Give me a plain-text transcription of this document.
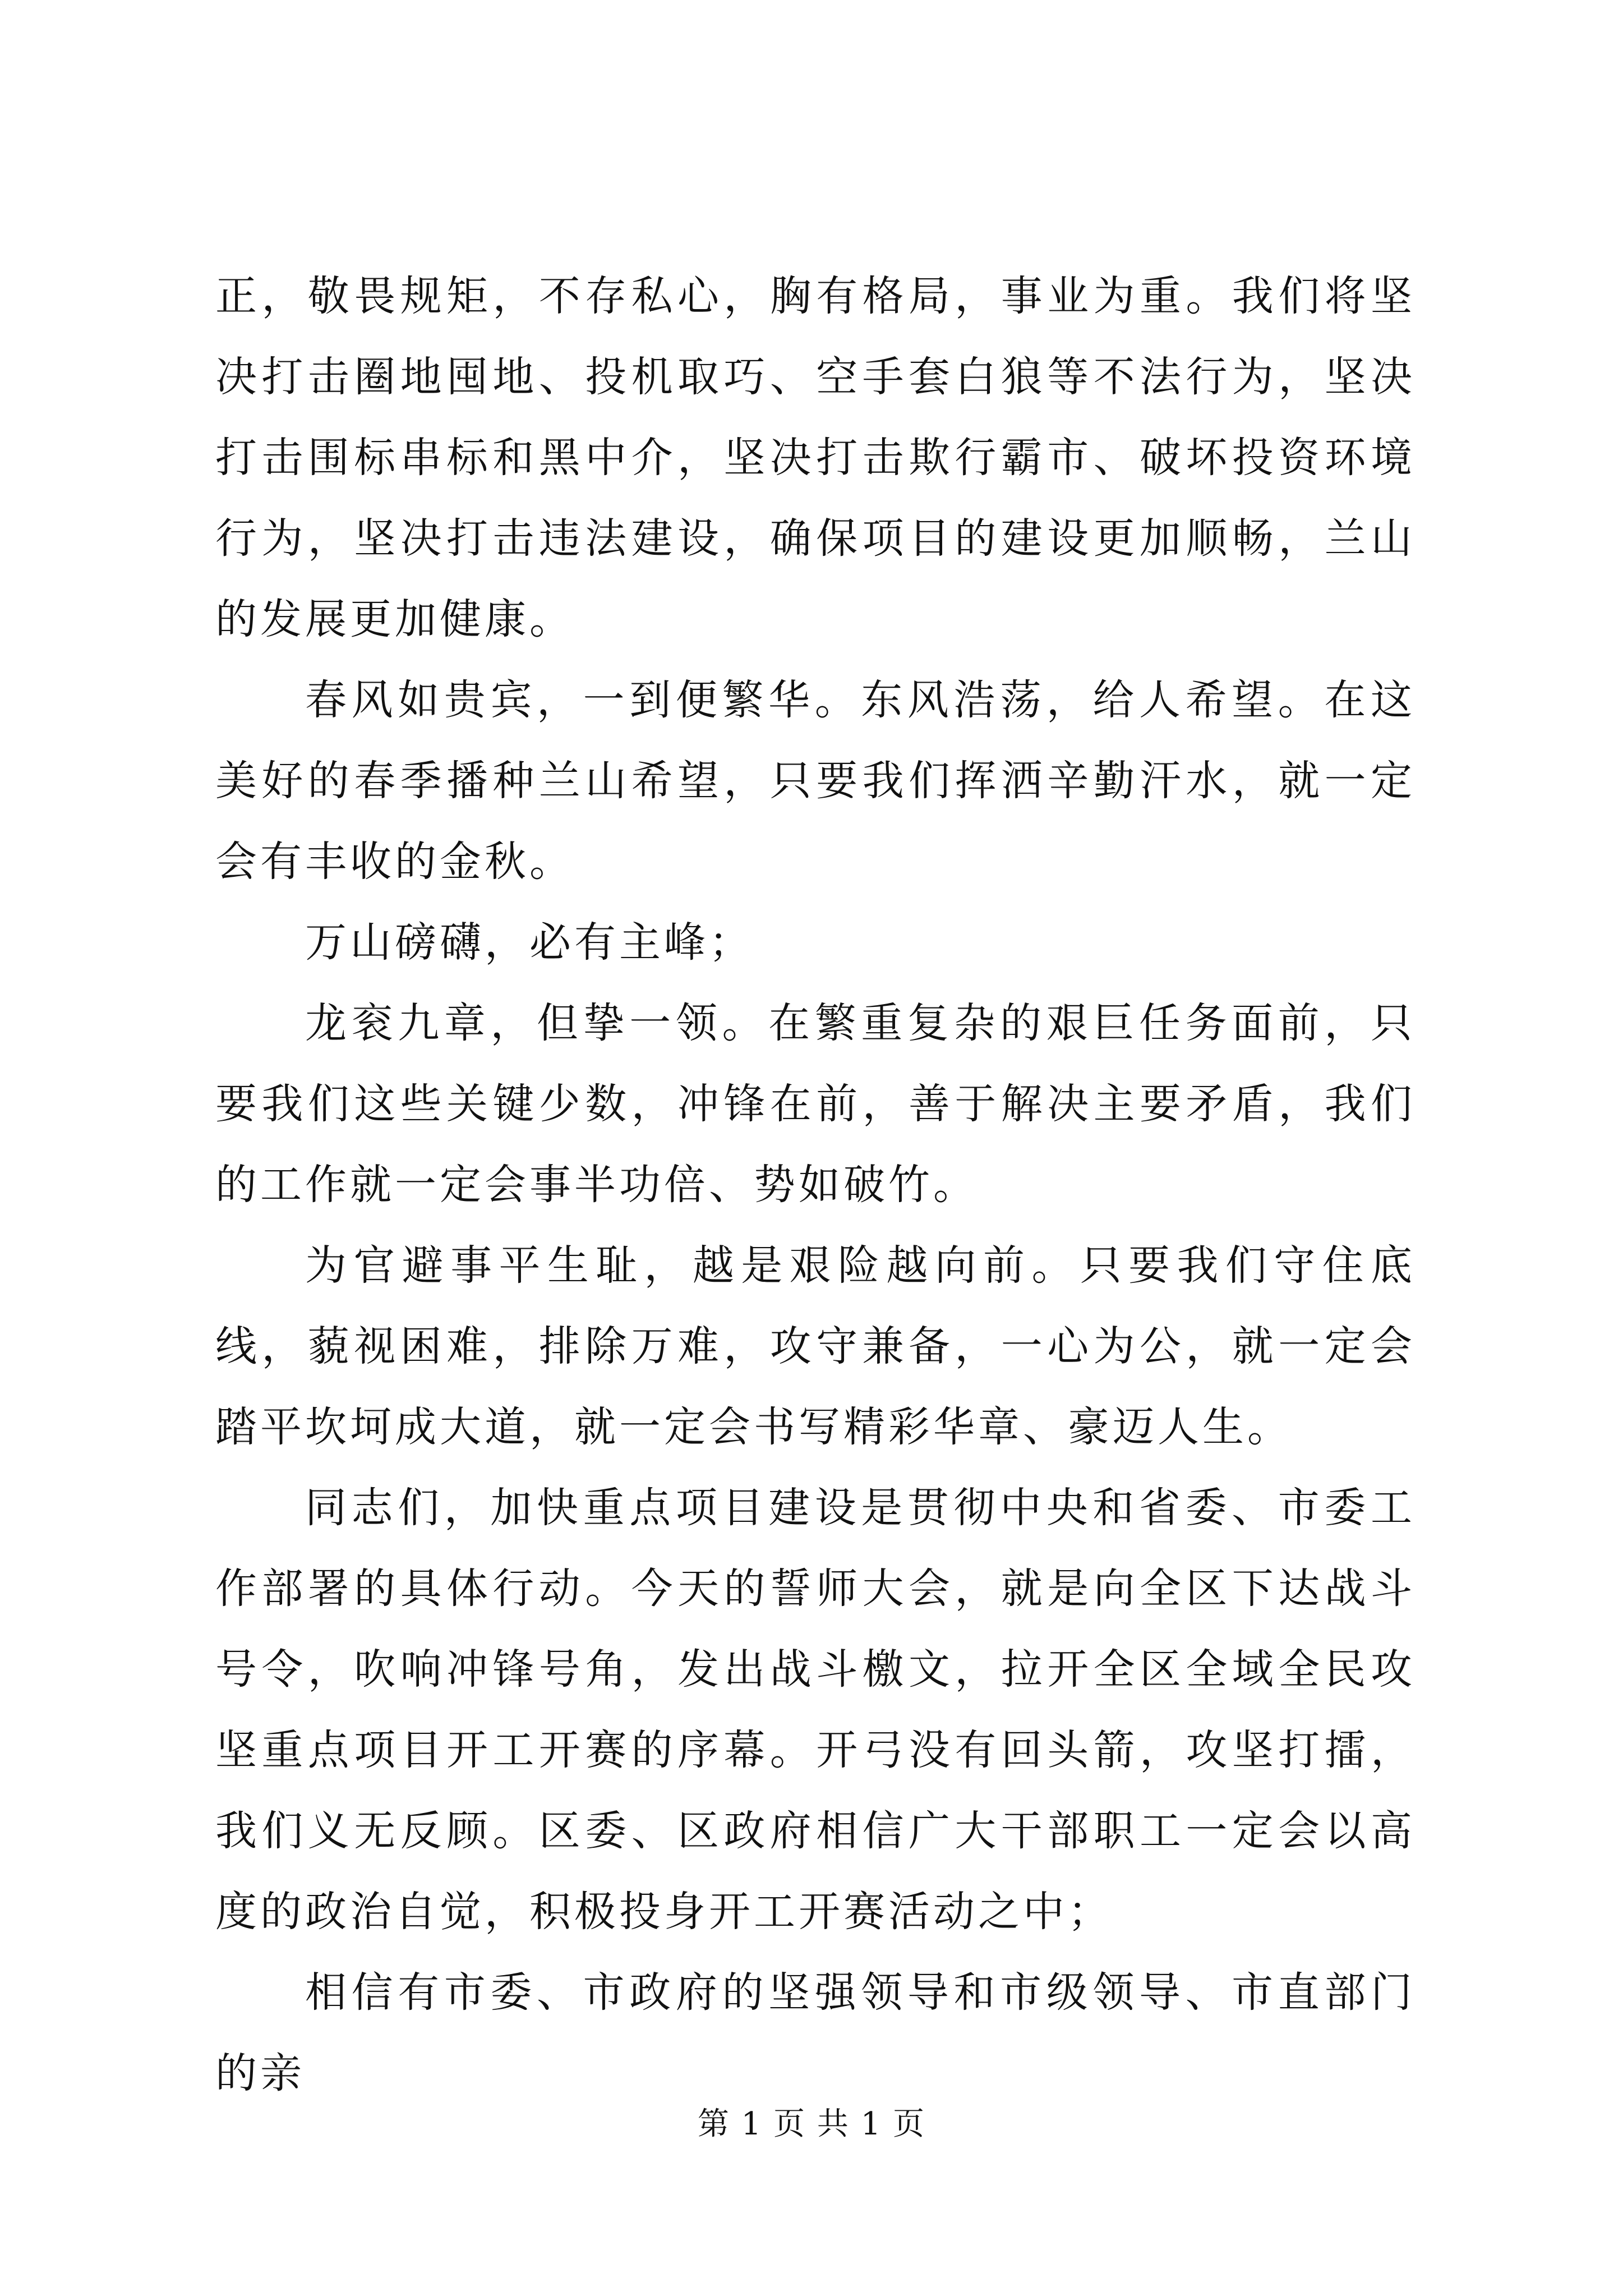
正，敬畏规矩，不存私心，胸有格局，事业为重。我们将坚决打击圈地囤地、投机取巧、空手套白狼等不法行为，坚决打击围标串标和黑中介，坚决打击欺行霸市、破坏投资环境行为，坚决打击违法建设，确保项目的建设更加顺畅，兰山的发展更加健康。

春风如贵宾，一到便繁华。东风浩荡，给人希望。在这美好的春季播种兰山希望，只要我们挥洒辛勤汗水，就一定会有丰收的金秋。

万山磅礴，必有主峰；

龙衮九章，但挚一领。在繁重复杂的艰巨任务面前，只要我们这些关键少数，冲锋在前，善于解决主要矛盾，我们的工作就一定会事半功倍、势如破竹。

为官避事平生耻，越是艰险越向前。只要我们守住底线，藐视困难，排除万难，攻守兼备，一心为公，就一定会踏平坎坷成大道，就一定会书写精彩华章、豪迈人生。

同志们，加快重点项目建设是贯彻中央和省委、市委工作部署的具体行动。今天的誓师大会，就是向全区下达战斗号令，吹响冲锋号角，发出战斗檄文，拉开全区全域全民攻坚重点项目开工开赛的序幕。开弓没有回头箭，攻坚打擂，我们义无反顾。区委、区政府相信广大干部职工一定会以高度的政治自觉，积极投身开工开赛活动之中；

相信有市委、市政府的坚强领导和市级领导、市直部门的亲

第 1 页 共 1 页
